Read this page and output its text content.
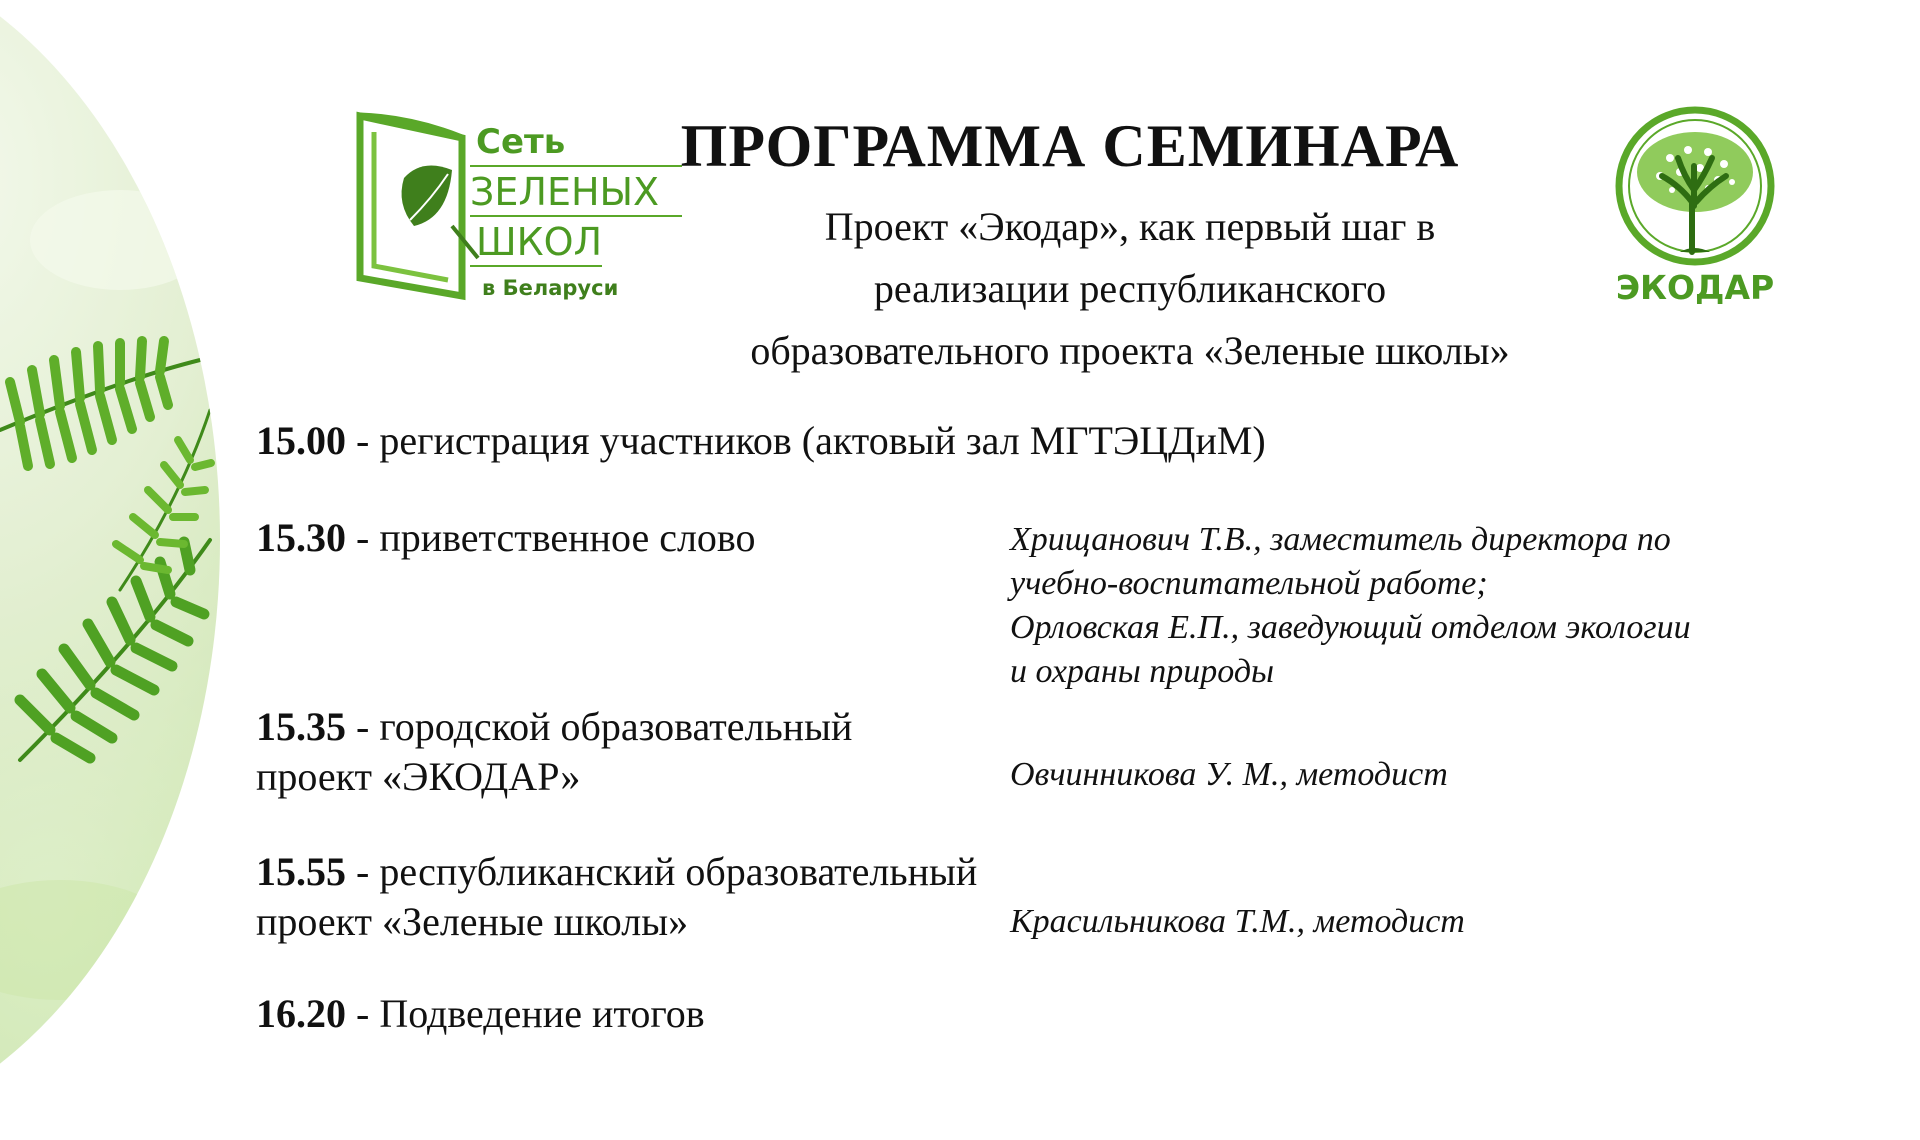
Сеть
ЗЕЛЕНЫХ
ШКОЛ
в Беларуси
ПРОГРАММА СЕМИНАРА
Проект «Экодар», как первый шаг в
реализации республиканского
образовательного проекта «Зеленые школы»
ЭКОДАР
15.00 - регистрация участников (актовый зал МГТЭЦДиМ)
15.30 - приветственное слово	Хрищанович Т.В., заместитель директора по
учебно-воспитательной работе;
Орловская Е.П., заведующий отделом экологии
и охраны природы
15.35 - городской образовательный
проект «ЭКОДАР»	Овчинникова У. М., методист
15.55 - республиканский образовательный
проект «Зеленые школы»	Красильникова Т.М., методист
16.20 - Подведение итогов
